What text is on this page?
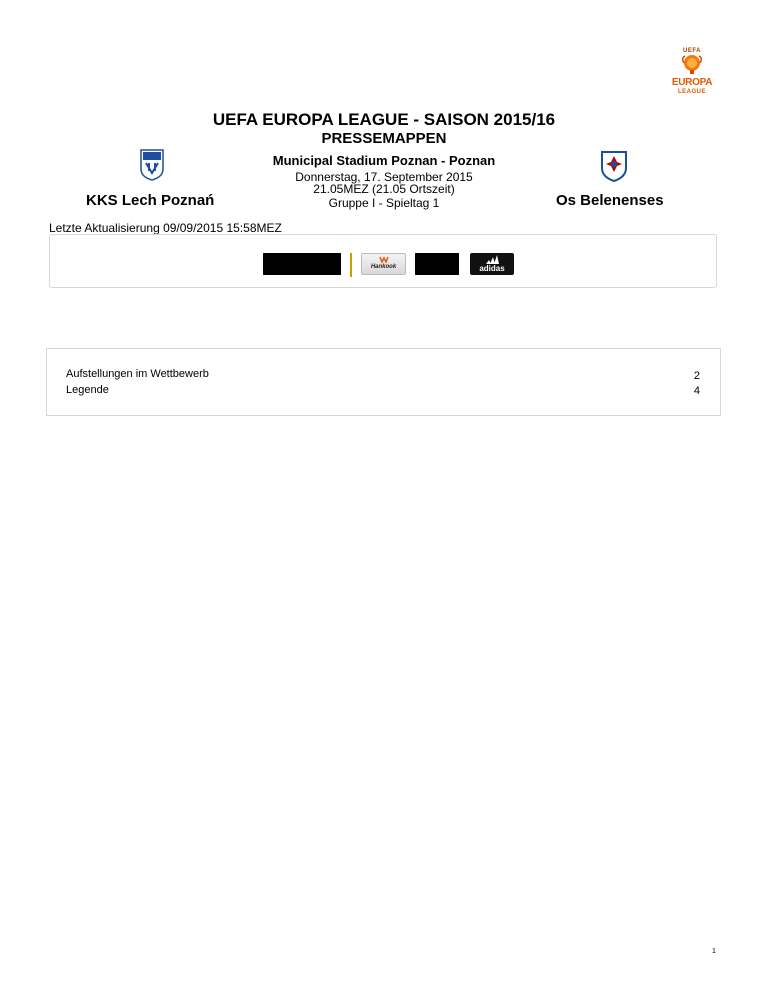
UEFA
EUROPA
LEAGUE
UEFA EUROPA LEAGUE - SAISON 2015/16
PRESSEMAPPEN
Municipal Stadium Poznan - Poznan
Donnerstag, 17. September 2015
21.05MEZ (21.05 Ortszeit)
Gruppe I - Spieltag 1
KKS Lech Poznań	Os Belenenses
Letzte Aktualisierung 09/09/2015 15:58MEZ
Hankook	adidas
Aufstellungen im Wettbewerb	2
Legende	4
1
